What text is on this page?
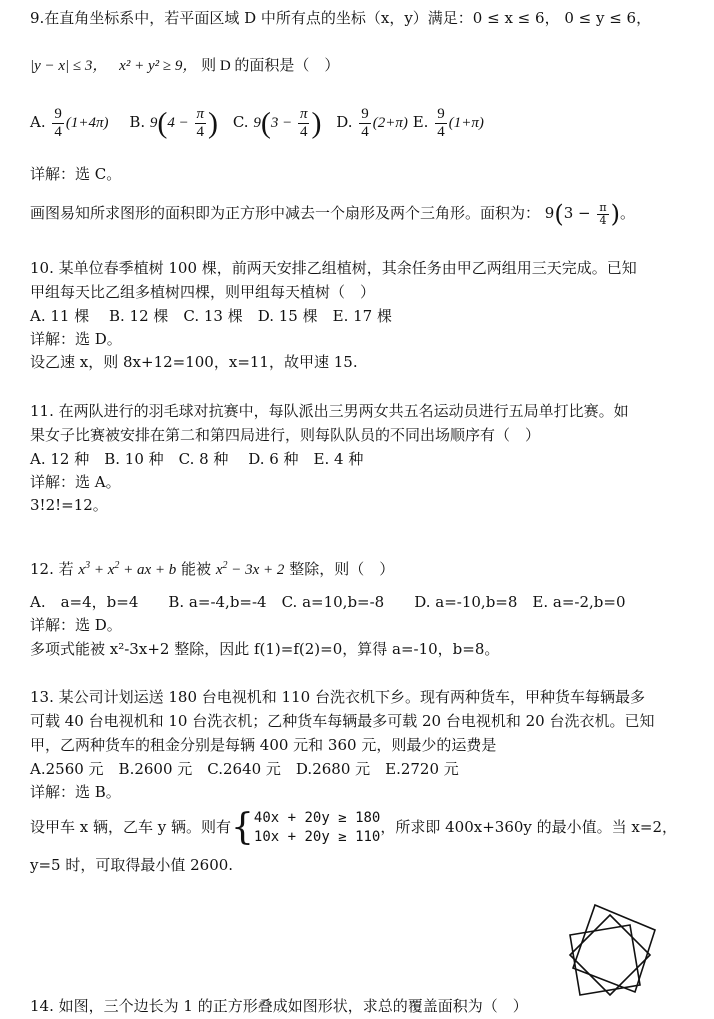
9.在直角坐标系中，若平面区域 D 中所有点的坐标（x，y）满足：0 ≤ x ≤ 6， 0 ≤ y ≤ 6，
|y − x| ≤ 3， x² + y² ≥ 9， 则 D 的面积是（　）
A. $\frac{9}{4} (1+4\pi)$ B. $9(4 - \frac{\pi}{4}$ ) C. $9(3 - \frac{\pi}{4}$ ) D. $\frac{9}{4} (2+\pi)$ E. $\frac{9}{4} (1+\pi)$
详解：选 C。
画图易知所求图形的面积即为正方形中减去一个扇形及两个三角形。面积为： $9(3 - \frac{\pi}{4}$ )。
10. 某单位春季植树 100 棵，前两天安排乙组植树，其余任务由甲乙两组用三天完成。已知
甲组每天比乙组多植树四棵，则甲组每天植树（　）
A. 11 棵　 B. 12 棵　C. 13 棵　D. 15 棵　E. 17 棵
详解：选 D。
设乙速 x，则 8x+12=100，x=11，故甲速 15.
11. 在两队进行的羽毛球对抗赛中，每队派出三男两女共五名运动员进行五局单打比赛。如
果女子比赛被安排在第二和第四局进行，则每队队员的不同出场顺序有（　）
A. 12 种　B. 10 种　C. 8 种　 D. 6 种　E. 4 种
详解：选 A。
3!2!=12。
12. 若 $x^3 + x^2$ + ax + b 能被 $x^2 - 3x + 2$ 整除，则（　）
A.　a=4，b=4　　B. a=-4,b=-4　C. a=10,b=-8　　D. a=-10,b=8　E. a=-2,b=0
详解：选 D。
多项式能被 x²-3x+2 整除，因此 f(1)=f(2)=0，算得 a=-10，b=8。
13. 某公司计划运送 180 台电视机和 110 台洗衣机下乡。现有两种货车，甲种货车每辆最多
可载 40 台电视机和 10 台洗衣机；乙种货车每辆最多可载 20 台电视机和 20 台洗衣机。已知
甲，乙两种货车的租金分别是每辆 400 元和 360 元，则最少的运费是
A.2560 元　B.2600 元　C.2640 元　D.2680 元　E.2720 元
详解：选 B。
设甲车 x 辆，乙车 y 辆。则有{ 40x + 20y ≥ 180
10x + 20y ≥ 110
，所求即 400x+360y 的最小值。当 x=2，
y=5 时，可取得最小值 2600.
14. 如图，三个边长为 1 的正方形叠成如图形状，求总的覆盖面积为（　）
